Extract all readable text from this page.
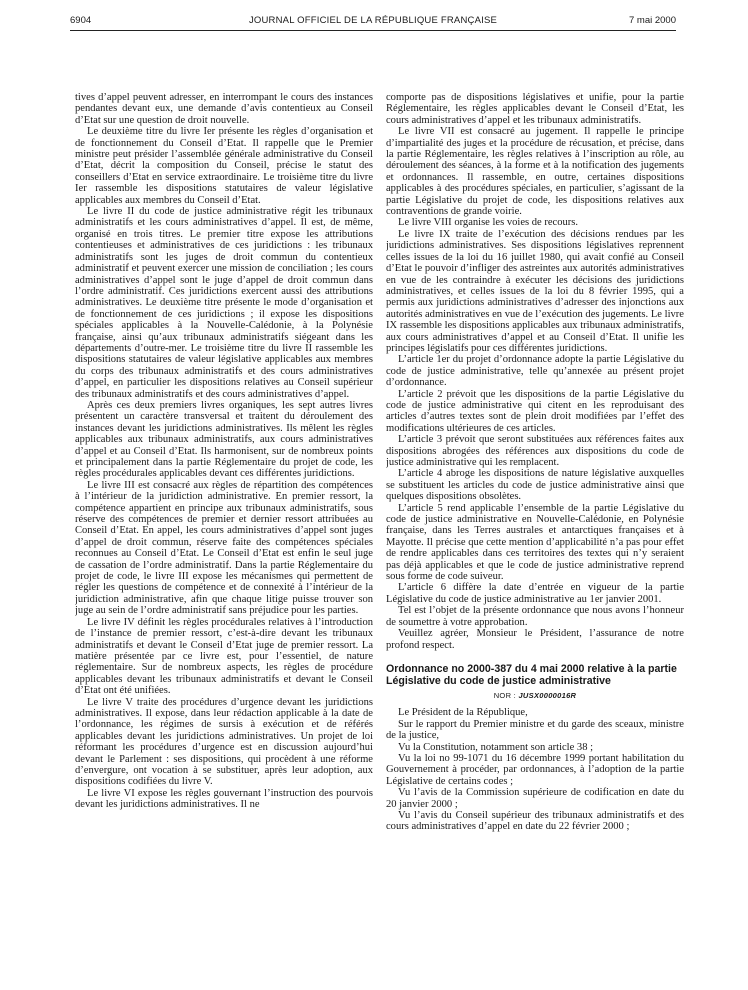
6904	JOURNAL OFFICIEL DE LA RÉPUBLIQUE FRANÇAISE	7 mai 2000

tives d’appel peuvent adresser, en interrompant le cours des instances pendantes devant eux, une demande d’avis contentieux au Conseil d’Etat sur une question de droit nouvelle.

Le deuxième titre du livre Ier présente les règles d’organisation et de fonctionnement du Conseil d’Etat. Il rappelle que le Premier ministre peut présider l’assemblée générale administrative du Conseil d’Etat, décrit la composition du Conseil, précise le statut des conseillers d’Etat en service extraordinaire. Le troisième titre du livre Ier rassemble les dispositions statutaires de valeur législative applicables aux membres du Conseil d’Etat.

Le livre II du code de justice administrative régit les tribunaux administratifs et les cours administratives d’appel. Il est, de même, organisé en trois titres. Le premier titre expose les attributions contentieuses et administratives de ces juridictions : les tribunaux administratifs sont les juges de droit commun du contentieux administratif et peuvent exercer une mission de conciliation ; les cours administratives d’appel sont le juge d’appel de droit commun dans l’ordre administratif. Ces juridictions exercent aussi des attributions administratives. Le deuxième titre présente le mode d’organisation et de fonctionnement de ces juridictions ; il expose les dispositions spéciales applicables à la Nouvelle-Calédonie, à la Polynésie française, ainsi qu’aux tribunaux administratifs siégeant dans les départements d’outre-mer. Le troisième titre du livre II rassemble les dispositions statutaires de valeur législative applicables aux membres du corps des tribunaux administratifs et des cours administratives d’appel, en particulier les dispositions relatives au Conseil supérieur des tribunaux administratifs et des cours administratives d’appel.

Après ces deux premiers livres organiques, les sept autres livres présentent un caractère transversal et traitent du déroulement des instances devant les juridictions administratives. Ils mêlent les règles applicables aux tribunaux administratifs, aux cours administratives d’appel et au Conseil d’Etat. Ils harmonisent, sur de nombreux points et principalement dans la partie Réglementaire du projet de code, les règles procédurales applicables devant ces différentes juridictions.

Le livre III est consacré aux règles de répartition des compétences à l’intérieur de la juridiction administrative. En premier ressort, la compétence appartient en principe aux tribunaux administratifs, sous réserve des compétences de premier et dernier ressort attribuées au Conseil d’Etat. En appel, les cours administratives d’appel sont juges d’appel de droit commun, réserve faite des compétences spéciales reconnues au Conseil d’Etat. Le Conseil d’Etat est enfin le seul juge de cassation de l’ordre administratif. Dans la partie Réglementaire du projet de code, le livre III expose les mécanismes qui permettent de régler les questions de compétence et de connexité à l’intérieur de la juridiction administrative, afin que chaque litige puisse trouver son juge au sein de l’ordre administratif sans préjudice pour les parties.

Le livre IV définit les règles procédurales relatives à l’introduction de l’instance de premier ressort, c’est-à-dire devant les tribunaux administratifs et devant le Conseil d’Etat juge de premier ressort. La matière présentée par ce livre est, pour l’essentiel, de nature réglementaire. Sur de nombreux aspects, les règles de procédure applicables devant les tribunaux administratifs et devant le Conseil d’Etat ont été unifiées.

Le livre V traite des procédures d’urgence devant les juridictions administratives. Il expose, dans leur rédaction applicable à la date de l’ordonnance, les régimes de sursis à exécution et de référés applicables devant les juridictions administratives. Un projet de loi réformant les procédures d’urgence est en discussion aujourd’hui devant le Parlement : ses dispositions, qui procèdent à une réforme d’envergure, ont vocation à se substituer, après leur adoption, aux dispositions codifiées du livre V.

Le livre VI expose les règles gouvernant l’instruction des pourvois devant les juridictions administratives. Il ne

comporte pas de dispositions législatives et unifie, pour la partie Réglementaire, les règles applicables devant le Conseil d’Etat, les cours administratives d’appel et les tribunaux administratifs.

Le livre VII est consacré au jugement. Il rappelle le principe d’impartialité des juges et la procédure de récusation, et précise, dans la partie Réglementaire, les règles relatives à l’inscription au rôle, au déroulement des séances, à la forme et à la notification des jugements et ordonnances. Il rassemble, en outre, certaines dispositions applicables à des procédures spéciales, en particulier, s’agissant de la partie Législative du projet de code, les dispositions relatives aux contraventions de grande voirie.

Le livre VIII organise les voies de recours.

Le livre IX traite de l’exécution des décisions rendues par les juridictions administratives. Ses dispositions législatives reprennent celles issues de la loi du 16 juillet 1980, qui avait confié au Conseil d’Etat le pouvoir d’infliger des astreintes aux autorités administratives en vue de les contraindre à exécuter les décisions des juridictions administratives, et celles issues de la loi du 8 février 1995, qui a permis aux juridictions administratives d’adresser des injonctions aux autorités administratives en vue de l’exécution des jugements. Le livre IX rassemble les dispositions applicables aux tribunaux administratifs, aux cours administratives d’appel et au Conseil d’Etat. Il unifie les principes législatifs pour ces différentes juridictions.

L’article 1er du projet d’ordonnance adopte la partie Législative du code de justice administrative, telle qu’annexée au présent projet d’ordonnance.

L’article 2 prévoit que les dispositions de la partie Législative du code de justice administrative qui citent en les reproduisant des articles d’autres textes sont de plein droit modifiées par l’effet des modifications ultérieures de ces articles.

L’article 3 prévoit que seront substituées aux références faites aux dispositions abrogées des références aux dispositions du code de justice administrative qui les remplacent.

L’article 4 abroge les dispositions de nature législative auxquelles se substituent les articles du code de justice administrative ainsi que quelques dispositions obsolètes.

L’article 5 rend applicable l’ensemble de la partie Législative du code de justice administrative en Nouvelle-Calédonie, en Polynésie française, dans les Terres australes et antarctiques françaises et à Mayotte. Il précise que cette mention d’applicabilité n’a pas pour effet de rendre applicables dans ces territoires des textes qui n’y seraient pas déjà applicables et que le code de justice administrative reprend sous forme de code suiveur.

L’article 6 diffère la date d’entrée en vigueur de la partie Législative du code de justice administrative au 1er janvier 2001.

Tel est l’objet de la présente ordonnance que nous avons l’honneur de soumettre à votre approbation.

Veuillez agréer, Monsieur le Président, l’assurance de notre profond respect.

Ordonnance no 2000-387 du 4 mai 2000 relative à la partie Législative du code de justice administrative
NOR : JUSX0000016R

Le Président de la République,

Sur le rapport du Premier ministre et du garde des sceaux, ministre de la justice,

Vu la Constitution, notamment son article 38 ;

Vu la loi no 99-1071 du 16 décembre 1999 portant habilitation du Gouvernement à procéder, par ordonnances, à l’adoption de la partie Législative de certains codes ;

Vu l’avis de la Commission supérieure de codification en date du 20 janvier 2000 ;

Vu l’avis du Conseil supérieur des tribunaux administratifs et des cours administratives d’appel en date du 22 février 2000 ;
